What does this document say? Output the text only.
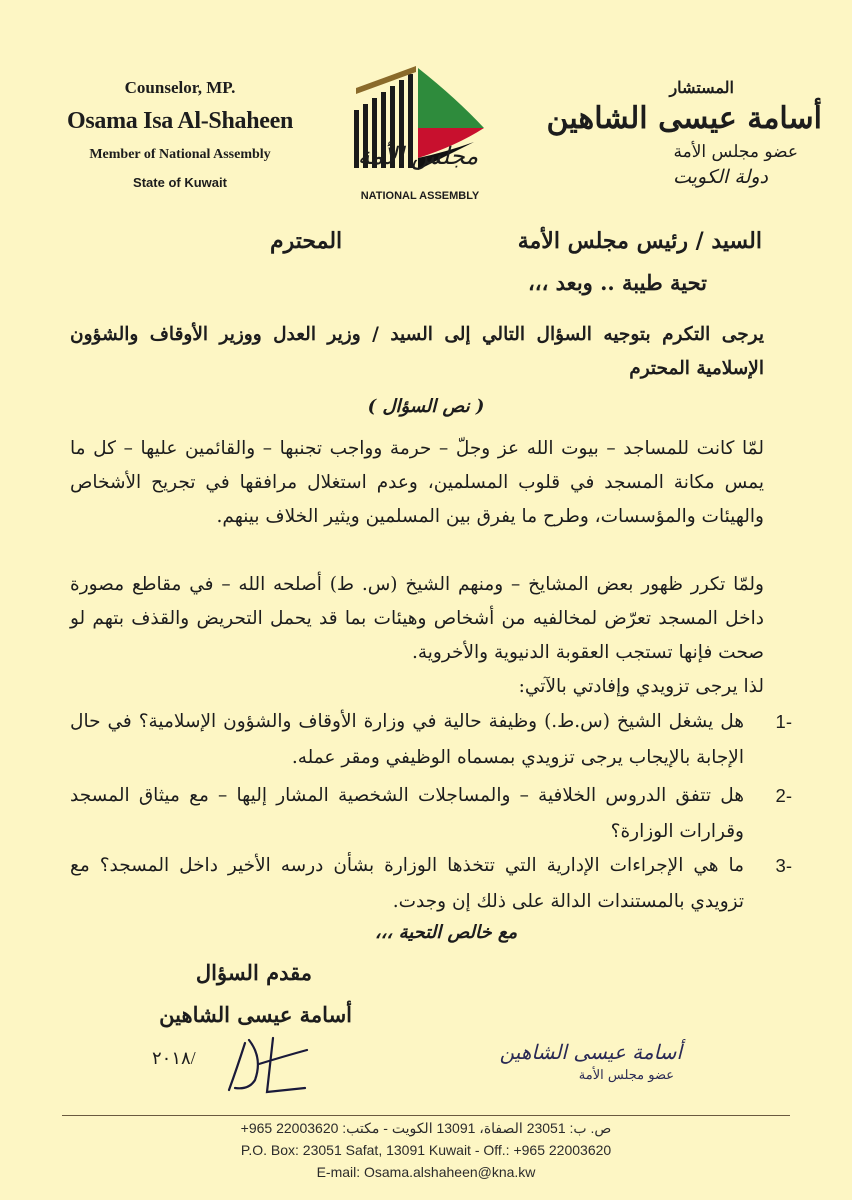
Counselor, MP.
Osama Isa Al-Shaheen
Member of National Assembly
State of Kuwait
المستشار
أسامة عيسى الشاهين
عضو مجلس الأمة
دولة الكويت
مجلس الأمة
NATIONAL ASSEMBLY
السيد / رئيس مجلس الأمة
المحترم
تحية طيبة .. وبعد ،،،
يرجى التكرم بتوجيه السؤال التالي إلى السيد / وزير العدل ووزير الأوقاف والشؤون الإسلامية المحترم
( نص السؤال )
لمّا كانت للمساجد – بيوت الله عز وجلّ – حرمة وواجب تجنبها – والقائمين عليها – كل ما يمس مكانة المسجد في قلوب المسلمين، وعدم استغلال مرافقها في تجريح الأشخاص والهيئات والمؤسسات، وطرح ما يفرق بين المسلمين ويثير الخلاف بينهم.
ولمّا تكرر ظهور بعض المشايخ – ومنهم الشيخ (س. ط) أصلحه الله – في مقاطع مصورة داخل المسجد تعرّض لمخالفيه من أشخاص وهيئات بما قد يحمل التحريض والقذف بتهم لو صحت فإنها تستجب العقوبة الدنيوية والأخروية.
لذا يرجى تزويدي وإفادتي بالآتي:
1-
هل يشغل الشيخ (س.ط.) وظيفة حالية في وزارة الأوقاف والشؤون الإسلامية؟ في حال الإجابة بالإيجاب يرجى تزويدي بمسماه الوظيفي ومقر عمله.
2-
هل تتفق الدروس الخلافية – والمساجلات الشخصية المشار إليها – مع ميثاق المسجد وقرارات الوزارة؟
3-
ما هي الإجراءات الإدارية التي تتخذها الوزارة بشأن درسه الأخير داخل المسجد؟ مع تزويدي بالمستندات الدالة على ذلك إن وجدت.
مع خالص التحية ،،،
مقدم السؤال
أسامة عيسى الشاهين
٢٠١٨/	أسامة عيسى الشاهين
عضو مجلس الأمة
ص. ب: 23051 الصفاة، 13091 الكويت - مكتب: 22003620 965+
P.O. Box: 23051 Safat, 13091 Kuwait - Off.: +965 22003620
E-mail: Osama.alshaheen@kna.kw
